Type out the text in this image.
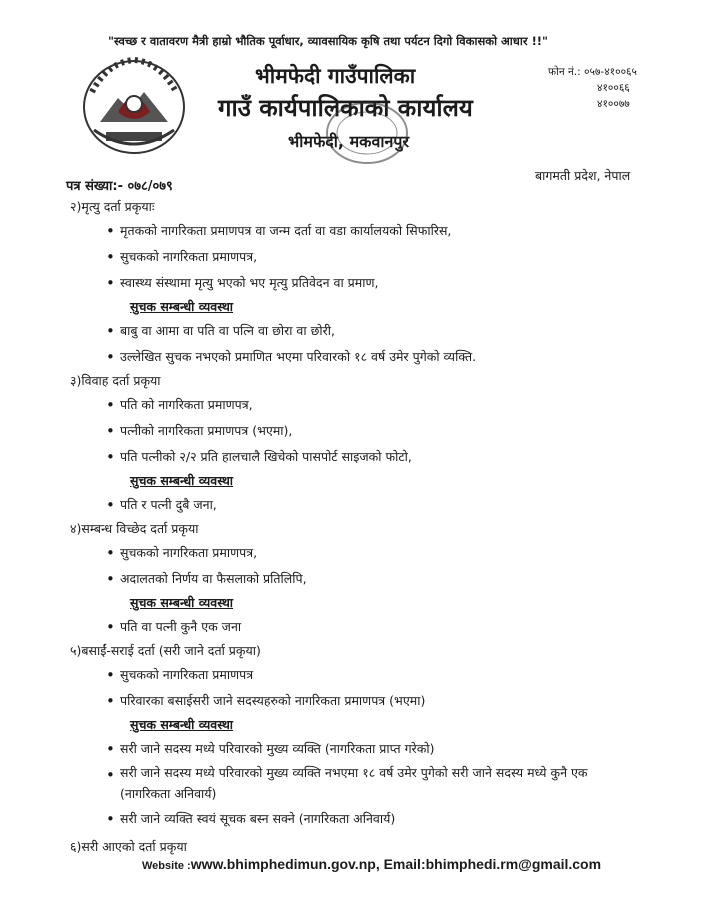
"स्वच्छ र वातावरण मैत्री हाम्रो भौतिक पूर्वाधार, व्यावसायिक कृषि तथा पर्यटन दिगो विकासको आधार !!"
भीमफेदी गाउँपालिका
गाउँ कार्यपालिकाको कार्यालय
भीमफेदी, मकवानपुर
फोन नं.: ०५७-४१००६५
४१००६६
४१००७७
पत्र संख्या:- ०७८/०७९
बागमती प्रदेश, नेपाल
२)मृत्यु दर्ता प्रकृयाः
• मृतकको नागरिकता प्रमाणपत्र वा जन्म दर्ता वा वडा कार्यालयको सिफारिस,
• सुचकको नागरिकता प्रमाणपत्र,
• स्वास्थ्य संस्थामा मृत्यु भएको भए मृत्यु प्रतिवेदन वा प्रमाण,
सुचक सम्बन्धी व्यवस्था
• बाबु वा आमा वा पति वा पत्नि वा छोरा वा छोरी,
• उल्लेखित सुचक नभएको प्रमाणित भएमा परिवारको १८ वर्ष उमेर पुगेको व्यक्ति.
३)विवाह दर्ता प्रकृया
• पति को नागरिकता प्रमाणपत्र,
• पत्नीको नागरिकता प्रमाणपत्र (भएमा),
• पति पत्नीको २/२ प्रति हालचालै खिचेको पासपोर्ट साइजको फोटो,
सुचक सम्बन्धी व्यवस्था
• पति र पत्नी दुबै जना,
४)सम्बन्ध विच्छेद दर्ता प्रकृया
• सुचकको नागरिकता प्रमाणपत्र,
• अदालतको निर्णय वा फैसलाको प्रतिलिपि,
सुचक सम्बन्धी व्यवस्था
• पति वा पत्नी कुनै एक जना
५)बसाईं-सराई दर्ता (सरी जाने दर्ता प्रकृया)
• सुचकको नागरिकता प्रमाणपत्र
• परिवारका बसाईसरी जाने सदस्यहरुको नागरिकता प्रमाणपत्र (भएमा)
सुचक सम्बन्धी व्यवस्था
• सरी जाने सदस्य मध्ये परिवारको मुख्य व्यक्ति (नागरिकता प्राप्त गरेको)
• सरी जाने सदस्य मध्ये परिवारको मुख्य व्यक्ति नभएमा १८ वर्ष उमेर पुगेको सरी जाने सदस्य मध्ये कुनै एक (नागरिकता अनिवार्य)
• सरी जाने व्यक्ति स्वयं सूचक बस्न सक्ने (नागरिकता अनिवार्य)
६)सरी आएको दर्ता प्रकृया
Website :www.bhimphedimun.gov.np, Email:bhimphedi.rm@gmail.com
